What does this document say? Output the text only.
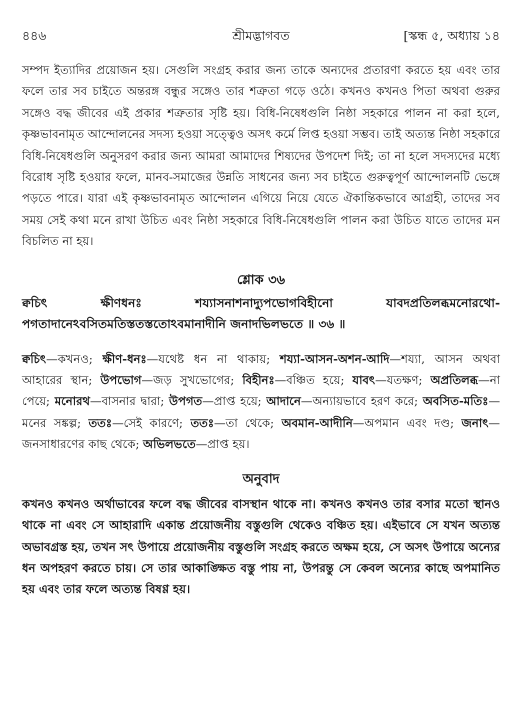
৪৪৬	[স্কন্ধ ৫, অধ্যায় ১৪
শ্রীমদ্ভাগবত

সম্পদ ইত্যাদির প্রয়োজন হয়। সেগুলি সংগ্রহ করার জন্য তাকে অন্যদের প্রতারণা করতে হয় এবং তার ফলে তার সব চাইতে অন্তরঙ্গ বন্ধুর সঙ্গেও তার শত্রুতা গড়ে ওঠে। কখনও কখনও পিতা অথবা গুরুর সঙ্গেও বদ্ধ জীবের এই প্রকার শত্রুতার সৃষ্টি হয়। বিধি-নিষেধগুলি নিষ্ঠা সহকারে পালন না করা হলে, কৃষ্ণভাবনামৃত আন্দোলনের সদস্য হওয়া সত্ত্বেও অসৎ কর্মে লিপ্ত হওয়া সম্ভব। তাই অত্যন্ত নিষ্ঠা সহকারে বিধি-নিষেধগুলি অনুসরণ করার জন্য আমরা আমাদের শিষ্যদের উপদেশ দিই; তা না হলে সদস্যদের মধ্যে বিরোধ সৃষ্টি হওয়ার ফলে, মানব-সমাজের উন্নতি সাধনের জন্য সব চাইতে গুরুত্বপূর্ণ আন্দোলনটি ভেঙ্গে পড়তে পারে। যারা এই কৃষ্ণভাবনামৃত আন্দোলন এগিয়ে নিয়ে যেতে ঐকান্তিকভাবে আগ্রহী, তাদের সব সময় সেই কথা মনে রাখা উচিত এবং নিষ্ঠা সহকারে বিধি-নিষেধগুলি পালন করা উচিত যাতে তাদের মন বিচলিত না হয়।

শ্লোক ৩৬

ক্বচিৎ ক্ষীণধনঃ শয্যাসনাশনাদ্যুপভোগবিহীনো যাবদপ্রতিলব্ধমনোরথো-পগতাদানেঽবসিতমতিস্ততস্ততোঽবমানাদীনি জনাদভিলভতে ॥ ৩৬ ॥

ক্বচিৎ—কখনও; ক্ষীণ-ধনঃ—যথেষ্ট ধন না থাকায়; শয্যা-আসন-অশন-আদি—শয্যা, আসন অথবা আহারের স্থান; উপভোগ—জড় সুখভোগের; বিহীনঃ—বঞ্চিত হয়ে; যাবৎ—যতক্ষণ; অপ্রতিলব্ধ—না পেয়ে; মনোরথ—বাসনার দ্বারা; উপগত—প্রাপ্ত হয়ে; আদানে—অন্যায়ভাবে হরণ করে; অবসিত-মতিঃ—মনের সঙ্কল্প; ততঃ—সেই কারণে; ততঃ—তা থেকে; অবমান-আদীনি—অপমান এবং দণ্ড; জনাৎ—জনসাধারণের কাছ থেকে; অভিলভতে—প্রাপ্ত হয়।

অনুবাদ

কখনও কখনও অর্থাভাবের ফলে বদ্ধ জীবের বাসস্থান থাকে না। কখনও কখনও তার বসার মতো স্থানও থাকে না এবং সে আহারাদি একান্ত প্রয়োজনীয় বস্তুগুলি থেকেও বঞ্চিত হয়। এইভাবে সে যখন অত্যন্ত অভাবগ্রস্ত হয়, তখন সৎ উপায়ে প্রয়োজনীয় বস্তুগুলি সংগ্রহ করতে অক্ষম হয়ে, সে অসৎ উপায়ে অন্যের ধন অপহরণ করতে চায়। সে তার আকাঙ্ক্ষিত বস্তু পায় না, উপরন্তু সে কেবল অন্যের কাছে অপমানিত হয় এবং তার ফলে অত্যন্ত বিষণ্ণ হয়।
